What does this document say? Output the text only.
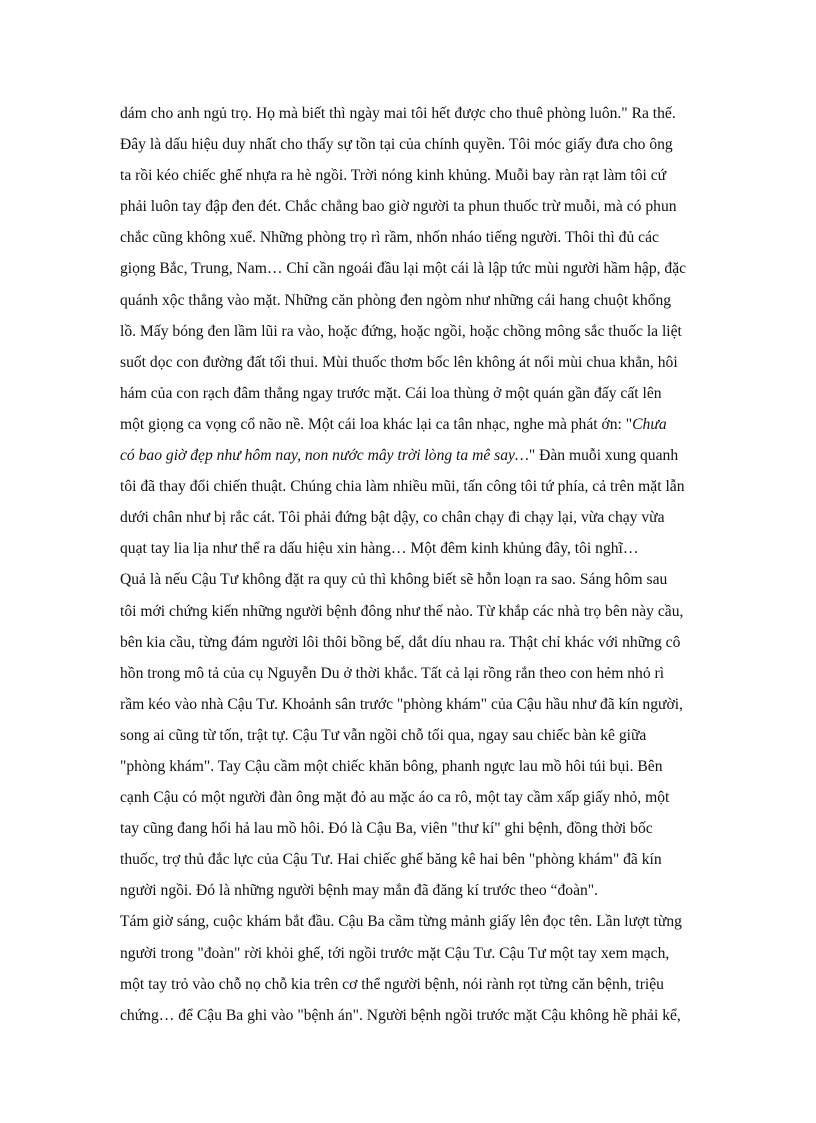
dám cho anh ngủ trọ. Họ mà biết thì ngày mai tôi hết được cho thuê phòng luôn." Ra thế.
Đây là dấu hiệu duy nhất cho thấy sự tồn tại của chính quyền. Tôi móc giấy đưa cho ông
ta rồi kéo chiếc ghế nhựa ra hè ngồi. Trời nóng kinh khủng. Muỗi bay ràn rạt làm tôi cứ
phải luôn tay đập đen đét. Chắc chẳng bao giờ người ta phun thuốc trừ muỗi, mà có phun
chắc cũng không xuể. Những phòng trọ rì rầm, nhốn nháo tiếng người. Thôi thì đủ các
giọng Bắc, Trung, Nam… Chỉ cần ngoái đầu lại một cái là lập tức mùi người hầm hập, đặc
quánh xộc thẳng vào mặt. Những căn phòng đen ngòm như những cái hang chuột khổng
lồ. Mấy bóng đen lầm lũi ra vào, hoặc đứng, hoặc ngồi, hoặc chồng mông sắc thuốc la liệt
suốt dọc con đường đất tối thui. Mùi thuốc thơm bốc lên không át nổi mùi chua khẳn, hôi
hám của con rạch đâm thẳng ngay trước mặt. Cái loa thùng ở một quán gần đấy cất lên
một giọng ca vọng cổ não nề. Một cái loa khác lại ca tân nhạc, nghe mà phát ớn: "Chưa
có bao giờ đẹp như hôm nay, non nước mây trời lòng ta mê say…" Đàn muỗi xung quanh
tôi đã thay đổi chiến thuật. Chúng chia làm nhiều mũi, tấn công tôi tứ phía, cả trên mặt lẫn
dưới chân như bị rắc cát. Tôi phải đứng bật dậy, co chân chạy đi chạy lại, vừa chạy vừa
quạt tay lia lịa như thể ra dấu hiệu xin hàng… Một đêm kinh khủng đây, tôi nghĩ…
Quả là nếu Cậu Tư không đặt ra quy củ thì không biết sẽ hỗn loạn ra sao. Sáng hôm sau
tôi mới chứng kiến những người bệnh đông như thế nào. Từ khắp các nhà trọ bên này cầu,
bên kia cầu, từng đám người lôi thôi bồng bế, dắt díu nhau ra. Thật chỉ khác với những cô
hồn trong mô tả của cụ Nguyễn Du ở thời khắc. Tất cả lại rồng rắn theo con hẻm nhỏ rì
rầm kéo vào nhà Cậu Tư. Khoảnh sân trước "phòng khám" của Cậu hầu như đã kín người,
song ai cũng từ tốn, trật tự. Cậu Tư vẫn ngồi chỗ tối qua, ngay sau chiếc bàn kê giữa
"phòng khám". Tay Cậu cầm một chiếc khăn bông, phanh ngực lau mồ hôi túi bụi. Bên
cạnh Cậu có một người đàn ông mặt đỏ au mặc áo ca rô, một tay cầm xấp giấy nhỏ, một
tay cũng đang hối hả lau mồ hôi. Đó là Cậu Ba, viên "thư kí" ghi bệnh, đồng thời bốc
thuốc, trợ thủ đắc lực của Cậu Tư. Hai chiếc ghế băng kê hai bên "phòng khám" đã kín
người ngồi. Đó là những người bệnh may mắn đã đăng kí trước theo “đoàn".
Tám giờ sáng, cuộc khám bắt đầu. Cậu Ba cầm từng mảnh giấy lên đọc tên. Lần lượt từng
người trong "đoàn" rời khỏi ghế, tới ngồi trước mặt Cậu Tư. Cậu Tư một tay xem mạch,
một tay trỏ vào chỗ nọ chỗ kia trên cơ thể người bệnh, nói rành rọt từng căn bệnh, triệu
chứng… để Cậu Ba ghi vào "bệnh án". Người bệnh ngồi trước mặt Cậu không hề phải kể,
